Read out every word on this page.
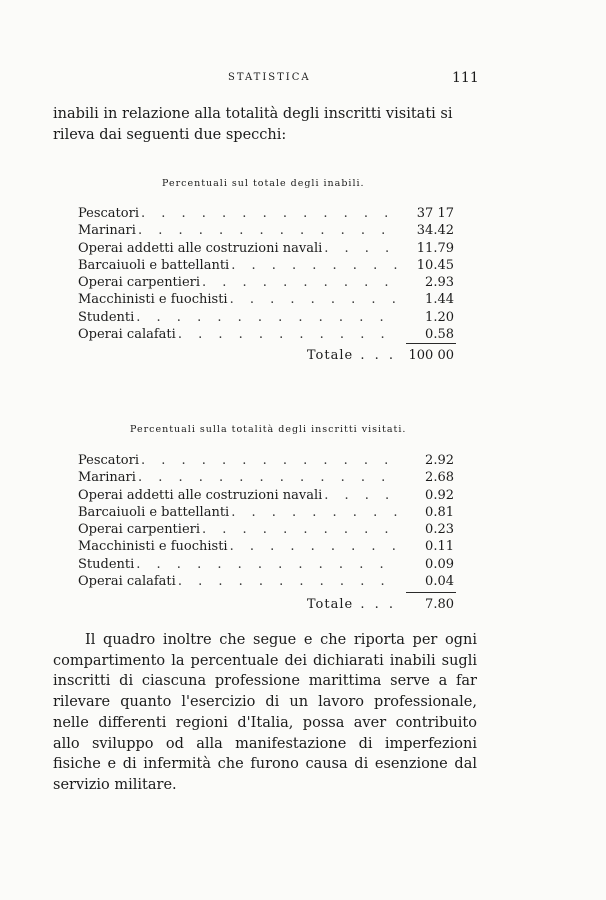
STATISTICA	111
inabili in relazione alla totalità degli inscritti visitati si rileva dai seguenti due specchi:
Percentuali sul totale degli inabili.
Pescatori . . .	37 17
Marinari . . .	34.42
Operai addetti alle costruzioni navali . . .	11.79
Barcaiuoli e battellanti . . .	10.45
Operai carpentieri . . .	2.93
Macchinisti e fuochisti . . .	1.44
Studenti . . .	1.20
Operai calafati . . .	0.58
Totale . . .	100 00
Percentuali sulla totalità degli inscritti visitati.
Pescatori . . .	2.92
Marinari . . .	2.68
Operai addetti alle costruzioni navali . . .	0.92
Barcaiuoli e battellanti . . .	0.81
Operai carpentieri . . .	0.23
Macchinisti e fuochisti . . .	0.11
Studenti . . .	0.09
Operai calafati . . .	0.04
Totale . . .	7.80

Il quadro inoltre che segue e che riporta per ogni compartimento la percentuale dei dichiarati inabili sugli inscritti di ciascuna professione marittima serve a far rilevare quanto l'esercizio di un lavoro professionale, nelle differenti regioni d'Italia, possa aver contribuito allo sviluppo od alla manifestazione di imperfezioni fisiche e di infermità che furono causa di esenzione dal servizio militare.
